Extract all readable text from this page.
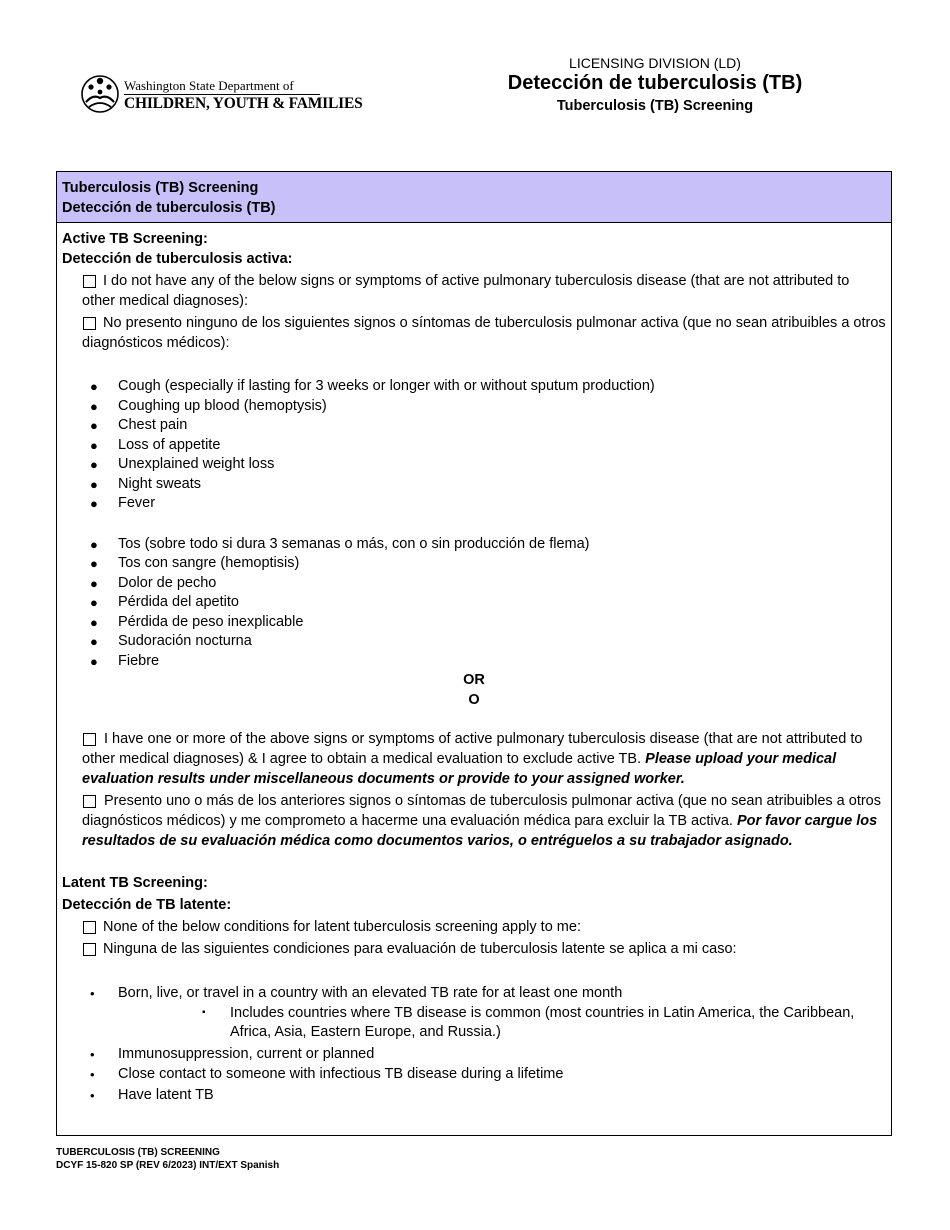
Washington State Department of
CHILDREN, YOUTH & FAMILIES
LICENSING DIVISION (LD)
Detección de tuberculosis (TB)
Tuberculosis (TB) Screening
Tuberculosis (TB) Screening
Detección de tuberculosis (TB)
Active TB Screening:
Detección de tuberculosis activa:
I do not have any of the below signs or symptoms of active pulmonary tuberculosis disease (that are not attributed to other medical diagnoses):
No presento ninguno de los siguientes signos o síntomas de tuberculosis pulmonar activa (que no sean atribuibles a otros diagnósticos médicos):
● Cough (especially if lasting for 3 weeks or longer with or without sputum production)
● Coughing up blood (hemoptysis)
● Chest pain
● Loss of appetite
● Unexplained weight loss
● Night sweats
● Fever
● Tos (sobre todo si dura 3 semanas o más, con o sin producción de flema)
● Tos con sangre (hemoptisis)
● Dolor de pecho
● Pérdida del apetito
● Pérdida de peso inexplicable
● Sudoración nocturna
● Fiebre
OR
O
I have one or more of the above signs or symptoms of active pulmonary tuberculosis disease (that are not attributed to other medical diagnoses) & I agree to obtain a medical evaluation to exclude active TB. Please upload your medical evaluation results under miscellaneous documents or provide to your assigned worker.
Presento uno o más de los anteriores signos o síntomas de tuberculosis pulmonar activa (que no sean atribuibles a otros diagnósticos médicos) y me comprometo a hacerme una evaluación médica para excluir la TB activa. Por favor cargue los resultados de su evaluación médica como documentos varios, o entréguelos a su trabajador asignado.
Latent TB Screening:
Detección de TB latente:
None of the below conditions for latent tuberculosis screening apply to me:
Ninguna de las siguientes condiciones para evaluación de tuberculosis latente se aplica a mi caso:
• Born, live, or travel in a country with an elevated TB rate for at least one month
▪ Includes countries where TB disease is common (most countries in Latin America, the Caribbean, Africa, Asia, Eastern Europe, and Russia.)
• Immunosuppression, current or planned
• Close contact to someone with infectious TB disease during a lifetime
• Have latent TB
TUBERCULOSIS (TB) SCREENING
DCYF 15-820 SP (REV 6/2023) INT/EXT Spanish
